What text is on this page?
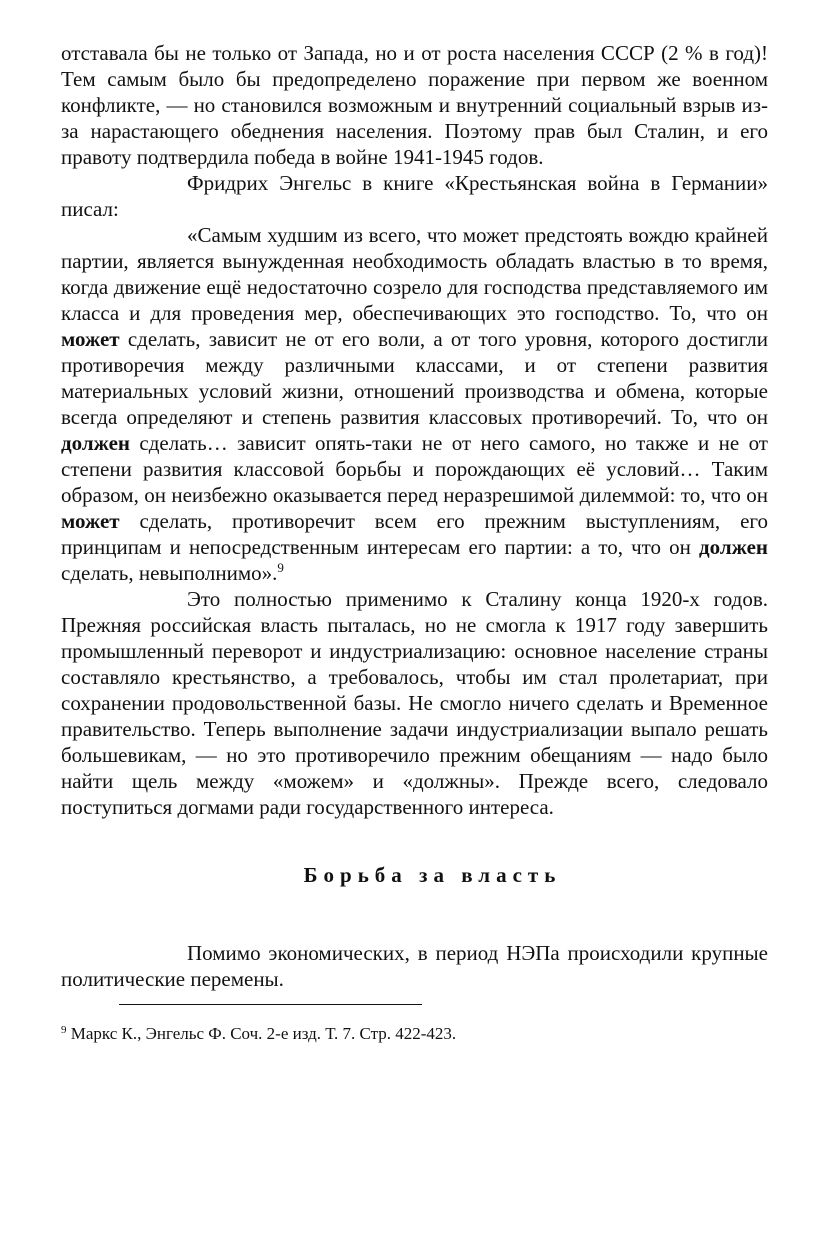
отставала бы не только от Запада, но и от роста населения СССР (2 % в год)! Тем самым было бы предопределено поражение при первом же военном конфликте, — но становился возможным и внутренний социальный взрыв из-за нарастающего обеднения населения. Поэтому прав был Сталин, и его правоту подтвердила победа в войне 1941-1945 годов.

Фридрих Энгельс в книге «Крестьянская война в Германии» писал:

«Самым худшим из всего, что может предстоять вождю крайней партии, является вынужденная необходимость обладать властью в то время, когда движение ещё недостаточно созрело для господства представляемого им класса и для проведения мер, обеспечивающих это господство. То, что он может сделать, зависит не от его воли, а от того уровня, которого достигли противоречия между различными классами, и от степени развития материальных условий жизни, отношений производства и обмена, которые всегда определяют и степень развития классовых противоречий. То, что он должен сделать… зависит опять-таки не от него самого, но также и не от степени развития классовой борьбы и порождающих её условий… Таким образом, он неизбежно оказывается перед неразрешимой дилеммой: то, что он может сделать, противоречит всем его прежним выступлениям, его принципам и непосредственным интересам его партии: а то, что он должен сделать, невыполнимо».$^9$

Это полностью применимо к Сталину конца 1920-х годов. Прежняя российская власть пыталась, но не смогла к 1917 году завершить промышленный переворот и индустриализацию: основное население страны составляло крестьянство, а требовалось, чтобы им стал пролетариат, при сохранении продовольственной базы. Не смогло ничего сделать и Временное правительство. Теперь выполнение задачи индустриализации выпало решать большевикам, — но это противоречило прежним обещаниям — надо было найти щель между «можем» и «должны». Прежде всего, следовало поступиться догмами ради государственного интереса.

Борьба за власть

Помимо экономических, в период НЭПа происходили крупные политические перемены.

$^9$ Маркс К., Энгельс Ф. Соч. 2-е изд. Т. 7. Стр. 422-423.
